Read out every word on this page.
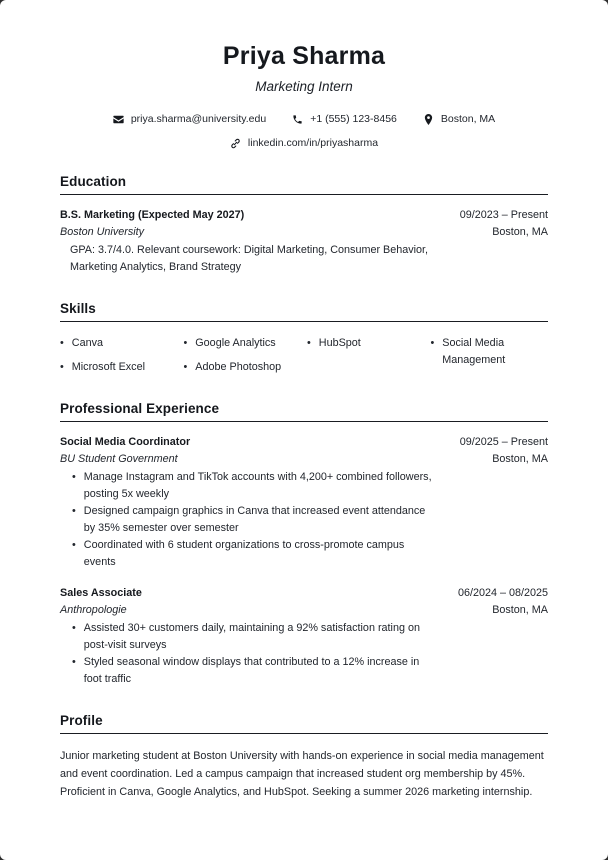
Priya Sharma
Marketing Intern
priya.sharma@university.edu	+1 (555) 123-8456	Boston, MA
linkedin.com/in/priyasharma
Education
B.S. Marketing (Expected May 2027)
Boston University
09/2023 – Present
Boston, MA
GPA: 3.7/4.0. Relevant coursework: Digital Marketing, Consumer Behavior, Marketing Analytics, Brand Strategy
Skills
• Canva
• Microsoft Excel
• Google Analytics
• Adobe Photoshop
• HubSpot	• Social Media Management
Professional Experience
Social Media Coordinator
BU Student Government
09/2025 – Present
Boston, MA
• Manage Instagram and TikTok accounts with 4,200+ combined followers, posting 5x weekly
• Designed campaign graphics in Canva that increased event attendance by 35% semester over semester
• Coordinated with 6 student organizations to cross-promote campus events
Sales Associate
Anthropologie
06/2024 – 08/2025
Boston, MA
• Assisted 30+ customers daily, maintaining a 92% satisfaction rating on post-visit surveys
• Styled seasonal window displays that contributed to a 12% increase in foot traffic
Profile
Junior marketing student at Boston University with hands-on experience in social media management and event coordination. Led a campus campaign that increased student org membership by 45%. Proficient in Canva, Google Analytics, and HubSpot. Seeking a summer 2026 marketing internship.
